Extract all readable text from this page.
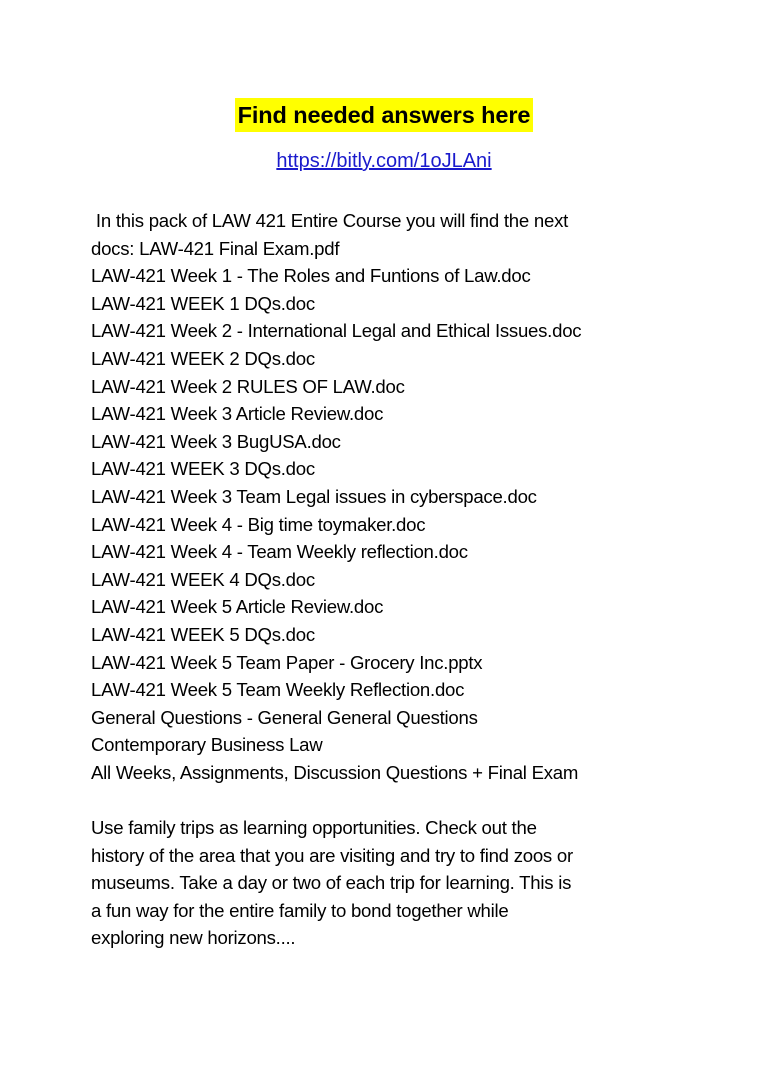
Find needed answers here
https://bitly.com/1oJLAni
In this pack of LAW 421 Entire Course you will find the next
docs: LAW-421 Final Exam.pdf
LAW-421 Week 1 - The Roles and Funtions of Law.doc
LAW-421 WEEK 1 DQs.doc
LAW-421 Week 2 - International Legal and Ethical Issues.doc
LAW-421 WEEK 2 DQs.doc
LAW-421 Week 2 RULES OF LAW.doc
LAW-421 Week 3 Article Review.doc
LAW-421 Week 3 BugUSA.doc
LAW-421 WEEK 3 DQs.doc
LAW-421 Week 3 Team Legal issues in cyberspace.doc
LAW-421 Week 4 - Big time toymaker.doc
LAW-421 Week 4 - Team Weekly reflection.doc
LAW-421 WEEK 4 DQs.doc
LAW-421 Week 5 Article Review.doc
LAW-421 WEEK 5 DQs.doc
LAW-421 Week 5 Team Paper - Grocery Inc.pptx
LAW-421 Week 5 Team Weekly Reflection.doc
General Questions - General General Questions
Contemporary Business Law
All Weeks, Assignments, Discussion Questions + Final Exam
Use family trips as learning opportunities. Check out the
history of the area that you are visiting and try to find zoos or
museums. Take a day or two of each trip for learning. This is
a fun way for the entire family to bond together while
exploring new horizons....
